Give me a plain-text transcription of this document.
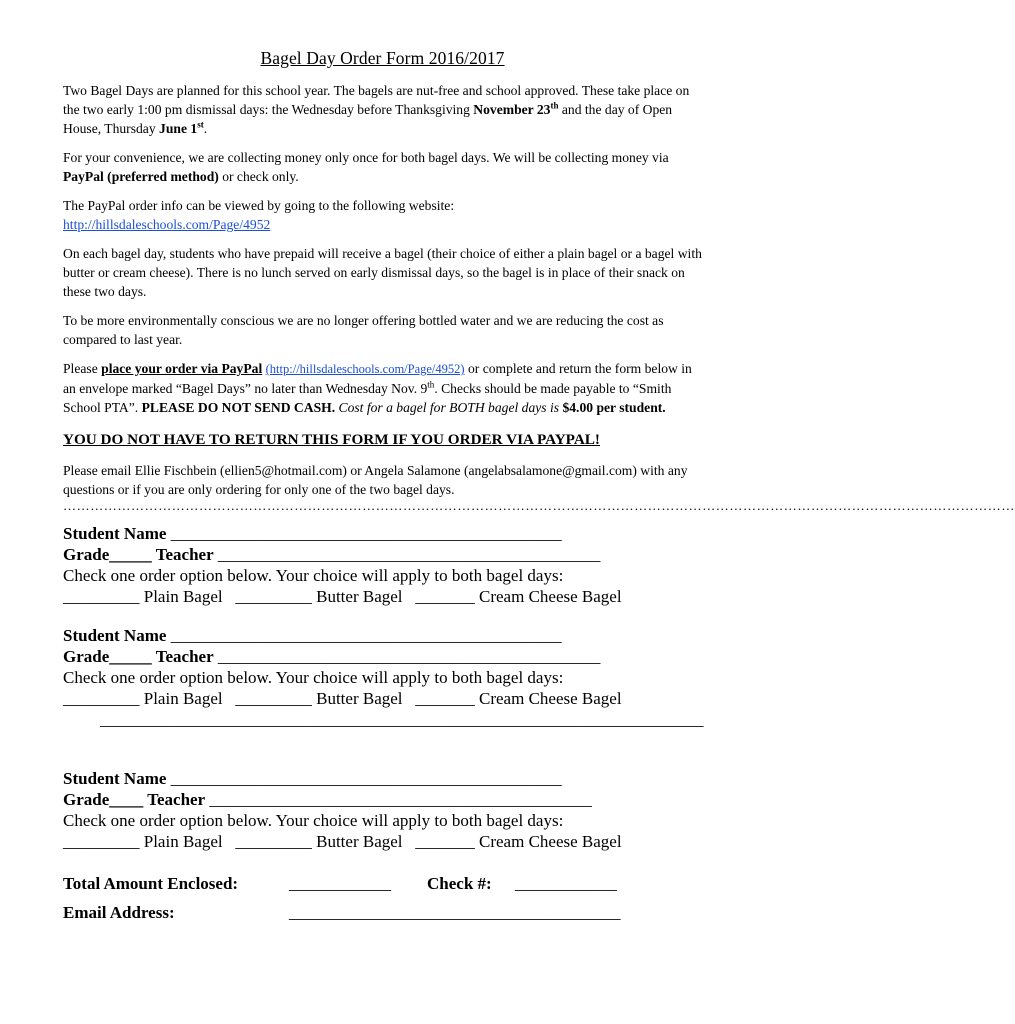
Bagel Day Order Form 2016/2017

Two Bagel Days are planned for this school year. The bagels are nut-free and school approved. These take place on the two early 1:00 pm dismissal days: the Wednesday before Thanksgiving November 23th and the day of Open House, Thursday June 1st.

For your convenience, we are collecting money only once for both bagel days. We will be collecting money via PayPal (preferred method) or check only.

The PayPal order info can be viewed by going to the following website:
http://hillsdaleschools.com/Page/4952

On each bagel day, students who have prepaid will receive a bagel (their choice of either a plain bagel or a bagel with butter or cream cheese). There is no lunch served on early dismissal days, so the bagel is in place of their snack on these two days.

To be more environmentally conscious we are no longer offering bottled water and we are reducing the cost as compared to last year.

Please place your order via PayPal (http://hillsdaleschools.com/Page/4952) or complete and return the form below in an envelope marked “Bagel Days” no later than Wednesday Nov. 9th. Checks should be made payable to “Smith School PTA”. PLEASE DO NOT SEND CASH. Cost for a bagel for BOTH bagel days is $4.00 per student.

YOU DO NOT HAVE TO RETURN THIS FORM IF YOU ORDER VIA PAYPAL!

Please email Ellie Fischbein (ellien5@hotmail.com) or Angela Salamone (angelabsalamone@gmail.com) with any questions or if you are only ordering for only one of the two bagel days.

…………………………………………………………………………………………………………………………………………………………………………………………
Student Name ______________________________________________
Grade_____ Teacher _____________________________________________
Check one order option below. Your choice will apply to both bagel days:
_________ Plain Bagel   _________ Butter Bagel   _______ Cream Cheese Bagel
Student Name ______________________________________________
Grade_____ Teacher _____________________________________________
Check one order option below. Your choice will apply to both bagel days:
_________ Plain Bagel   _________ Butter Bagel   _______ Cream Cheese Bagel
_______________________________________________________________________
Student Name ______________________________________________
Grade____ Teacher _____________________________________________
Check one order option below. Your choice will apply to both bagel days:
_________ Plain Bagel   _________ Butter Bagel   _______ Cream Cheese Bagel
Total Amount Enclosed:	____________ Check #: ____________
Email Address:	_______________________________________
